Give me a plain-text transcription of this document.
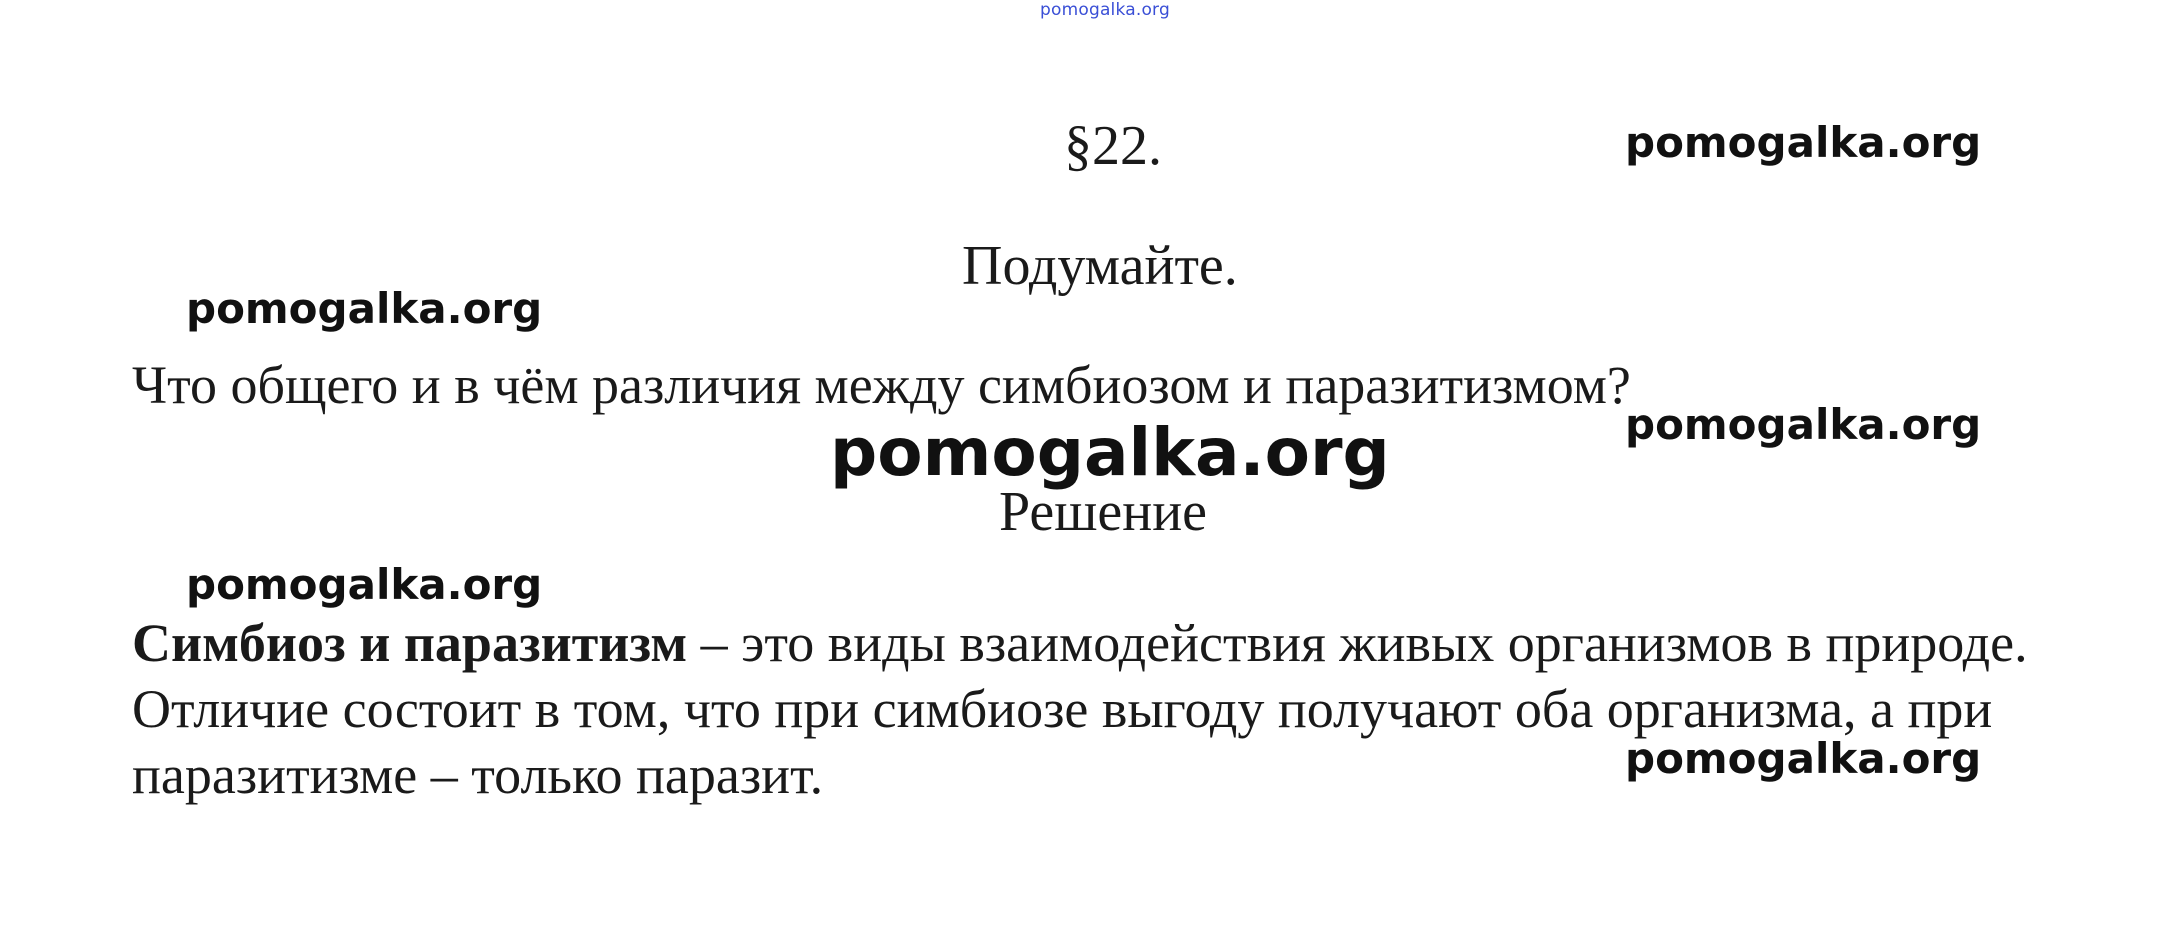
pomogalka.org
§22.	pomogalka.org
Подумайте.
pomogalka.org
Что общего и в чём различия между симбиозом и паразитизмом?
pomogalka.org
pomogalka.org
Решение
pomogalka.org
Симбиоз и паразитизм – это виды взаимодействия живых организмов в природе. Отличие состоит в том, что при симбиозе выгоду получают оба организма, а при паразитизме – только паразит.	pomogalka.org
